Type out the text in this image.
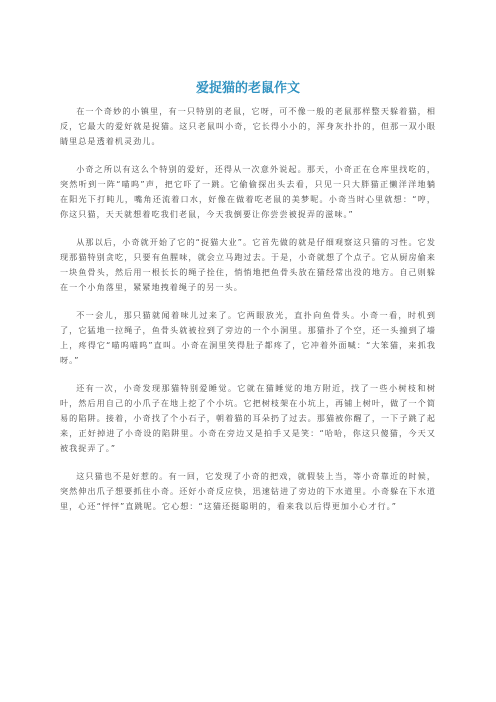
爱捉猫的老鼠作文

在一个奇妙的小镇里，有一只特别的老鼠，它呀，可不像一般的老鼠那样整天躲着猫，相反，它最大的爱好就是捉猫。这只老鼠叫小奇，它长得小小的，浑身灰扑扑的，但那一双小眼睛里总是透着机灵劲儿。

小奇之所以有这么个特别的爱好，还得从一次意外说起。那天，小奇正在仓库里找吃的，突然听到一阵“喵呜”声，把它吓了一跳。它偷偷探出头去看，只见一只大胖猫正懒洋洋地躺在阳光下打盹儿，嘴角还流着口水，好像在做着吃老鼠的美梦呢。小奇当时心里就想：“哼，你这只猫，天天就想着吃我们老鼠，今天我倒要让你尝尝被捉弄的滋味。”

从那以后，小奇就开始了它的“捉猫大业”。它首先做的就是仔细观察这只猫的习性。它发现那猫特别贪吃，只要有鱼腥味，就会立马跑过去。于是，小奇就想了个点子。它从厨房偷来一块鱼骨头，然后用一根长长的绳子拴住，悄悄地把鱼骨头放在猫经常出没的地方。自己则躲在一个小角落里，紧紧地拽着绳子的另一头。

不一会儿，那只猫就闻着味儿过来了。它两眼放光，直扑向鱼骨头。小奇一看，时机到了，它猛地一拉绳子，鱼骨头就被拉到了旁边的一个小洞里。那猫扑了个空，还一头撞到了墙上，疼得它“喵呜喵呜”直叫。小奇在洞里笑得肚子都疼了，它冲着外面喊：“大笨猫，来抓我呀。”

还有一次，小奇发现那猫特别爱睡觉。它就在猫睡觉的地方附近，找了一些小树枝和树叶，然后用自己的小爪子在地上挖了个小坑。它把树枝架在小坑上，再铺上树叶，做了一个简易的陷阱。接着，小奇找了个小石子，朝着猫的耳朵扔了过去。那猫被你醒了，一下子跳了起来，正好掉进了小奇设的陷阱里。小奇在旁边又是拍手又是笑：“哈哈，你这只傻猫，今天又被我捉弄了。”

这只猫也不是好惹的。有一回，它发现了小奇的把戏，就假装上当，等小奇靠近的时候，突然伸出爪子想要抓住小奇。还好小奇反应快，迅速钻进了旁边的下水道里。小奇躲在下水道里，心还“怦怦”直跳呢。它心想：“这猫还挺聪明的，看来我以后得更加小心才行。”
